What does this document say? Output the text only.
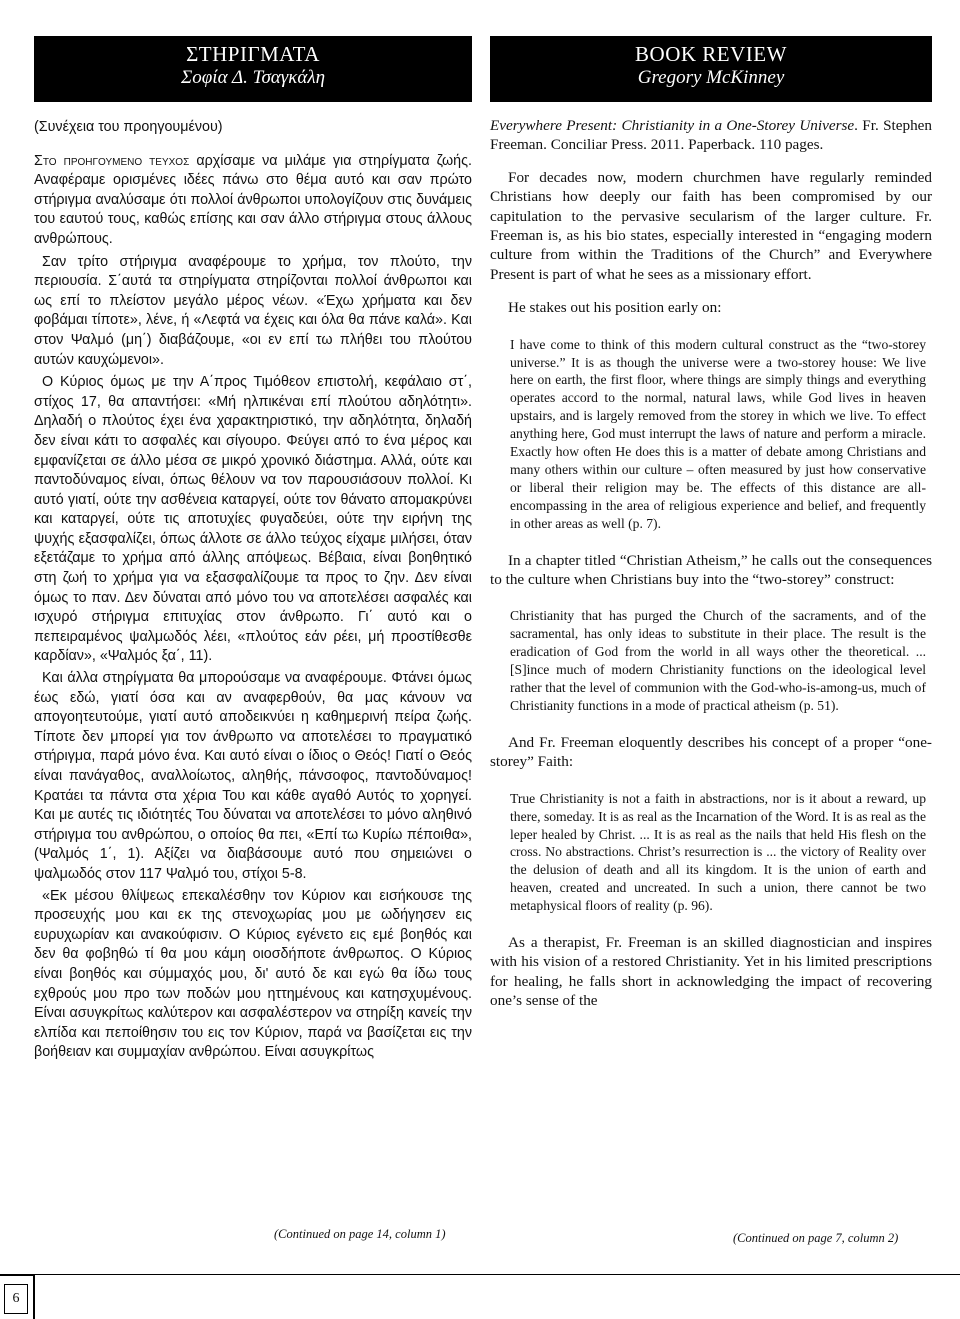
ΣΤΗΡΙΓΜΑΤΑ
Σοφία Δ. Τσαγκάλη

(Συνέχεια του προηγουμένου)

Στο προηγουμενο τευχος αρχίσαμε να μιλάμε για στηρίγματα ζωής. Αναφέραμε ορισμένες ιδέες πάνω στο θέμα αυτό και σαν πρώτο στήριγμα αναλύσαμε ότι πολλοί άνθρωποι υπολογίζουν στις δυνάμεις του εαυτού τους, καθώς επίσης και σαν άλλο στήριγμα στους άλλους ανθρώπους.

Σαν τρίτο στήριγμα αναφέρουμε το χρήμα, τον πλούτο, την περιουσία. Σ΄αυτά τα στηρίγματα στηρίζονται πολλοί άνθρωποι και ως επί το πλείστον μεγάλο μέρος νέων. «Έχω χρήματα και δεν φοβάμαι τίποτε», λένε, ή «Λεφτά να έχεις και όλα θα πάνε καλά». Και στον Ψαλμό (μη΄) διαβάζουμε, «οι εν επί τω πλήθει του πλούτου αυτών καυχώμενοι».

Ο Κύριος όμως με την Α΄προς Τιμόθεον επιστολή, κεφάλαιο στ΄, στίχος 17, θα απαντήσει: «Μή ηλπικέναι επί πλούτου αδηλότητι». Δηλαδή ο πλούτος έχει ένα χαρακτηριστικό, την αδηλότητα, δηλαδή δεν είναι κάτι το ασφαλές και σίγουρο. Φεύγει από το ένα μέρος και εμφανίζεται σε άλλο μέσα σε μικρό χρονικό διάστημα. Αλλά, ούτε και παντοδύναμος είναι, όπως θέλουν να τον παρουσιάσουν πολλοί. Κι αυτό γιατί, ούτε την ασθένεια καταργεί, ούτε τον θάνατο απομακρύνει και καταργεί, ούτε τις αποτυχίες φυγαδεύει, ούτε την ειρήνη της ψυχής εξασφαλίζει, όπως άλλοτε σε άλλο τεύχος είχαμε μιλήσει, όταν εξετάζαμε το χρήμα από άλλης απόψεως. Βέβαια, είναι βοηθητικό στη ζωή το χρήμα για να εξασφαλίζουμε τα προς το ζην. Δεν είναι όμως το παν. Δεν δύναται από μόνο του να αποτελέσει ασφαλές και ισχυρό στήριγμα επιτυχίας στον άνθρωπο. Γι΄ αυτό και ο πεπειραμένος ψαλμωδός λέει, «πλούτος εάν ρέει, μή προστίθεσθε καρδίαν», «Ψαλμός ξα΄, 11).

Και άλλα στηρίγματα θα μπορούσαμε να αναφέρουμε. Φτάνει όμως έως εδώ, γιατί όσα και αν αναφερθούν, θα μας κάνουν να απογοητευτούμε, γιατί αυτό αποδεικνύει η καθημερινή πείρα ζωής. Τίποτε δεν μπορεί για τον άνθρωπο να αποτελέσει το πραγματικό στήριγμα, παρά μόνο ένα. Και αυτό είναι ο ίδιος ο Θεός! Γιατί ο Θεός είναι πανάγαθος, αναλλοίωτος, αληθής, πάνσοφος, παντοδύναμος! Κρατάει τα πάντα στα χέρια Του και κάθε αγαθό Αυτός το χορηγεί. Και με αυτές τις ιδιότητές Του δύναται να αποτελέσει το μόνο αληθινό στήριγμα του ανθρώπου, ο οποίος θα πει, «Επί τω Κυρίω πέποιθα», (Ψαλμός 1΄, 1). Αξίζει να διαβάσουμε αυτό που σημειώνει ο ψαλμωδός στον 117 Ψαλμό του, στίχοι 5-8.

«Εκ μέσου θλίψεως επεκαλέσθην τον Κύριον και εισήκουσε της προσευχής μου και εκ της στενοχωρίας μου με ωδήγησεν εις ευρυχωρίαν και ανακούφισιν. Ο Κύριος εγένετο εις εμέ βοηθός και δεν θα φοβηθώ τί θα μου κάμη οιοσδήποτε άνθρωπος. Ο Κύριος είναι βοηθός και σύμμαχός μου, δι' αυτό δε και εγώ θα ίδω τους εχθρούς μου προ των ποδών μου ηττημένους και κατησχυμένους. Είναι ασυγκρίτως καλύτερον και ασφαλέστερον να στηρίξη κανείς την ελπίδα και πεποίθησιν του εις τον Κύριον, παρά να βασίζεται εις την βοήθειαν και συμμαχίαν ανθρώπου. Είναι ασυγκρίτως

(Continued on page 14, column 1)
BOOK REVIEW
Gregory McKinney

Everywhere Present: Christianity in a One-Storey Universe. Fr. Stephen Freeman. Conciliar Press. 2011. Paperback. 110 pages.

For decades now, modern churchmen have regularly reminded Christians how deeply our faith has been compromised by our capitulation to the pervasive secularism of the larger culture. Fr. Freeman is, as his bio states, especially interested in “engaging modern culture from within the Traditions of the Church” and Everywhere Present is part of what he sees as a missionary effort.

He stakes out his position early on:

I have come to think of this modern cultural construct as the “two-storey universe.” It is as though the universe were a two-storey house: We live here on earth, the first floor, where things are simply things and everything operates accord to the normal, natural laws, while God lives in heaven upstairs, and is largely removed from the storey in which we live. To effect anything here, God must interrupt the laws of nature and perform a miracle. Exactly how often He does this is a matter of debate among Christians and many others within our culture – often measured by just how conservative or liberal their religion may be. The effects of this distance are all-encompassing in the area of religious experience and belief, and frequently in other areas as well (p. 7).

In a chapter titled “Christian Atheism,” he calls out the consequences to the culture when Christians buy into the “two-storey” construct:

Christianity that has purged the Church of the sacraments, and of the sacramental, has only ideas to substitute in their place. The result is the eradication of God from the world in all ways other the theoretical. ... [S]ince much of modern Christianity functions on the ideological level rather that the level of communion with the God-who-is-among-us, much of Christianity functions in a mode of practical atheism (p. 51).

And Fr. Freeman eloquently describes his concept of a proper “one-storey” Faith:

True Christianity is not a faith in abstractions, nor is it about a reward, up there, someday. It is as real as the Incarnation of the Word. It is as real as the leper healed by Christ. ... It is as real as the nails that held His flesh on the cross. No abstractions. Christ’s resurrection is ... the victory of Reality over the delusion of death and all its kingdom. It is the union of earth and heaven, created and uncreated. In such a union, there cannot be two metaphysical floors of reality (p. 96).

As a therapist, Fr. Freeman is an skilled diagnostician and inspires with his vision of a restored Christianity. Yet in his limited prescriptions for healing, he falls short in acknowledging the impact of recovering one’s sense of the

(Continued on page 7, column 2)
6
